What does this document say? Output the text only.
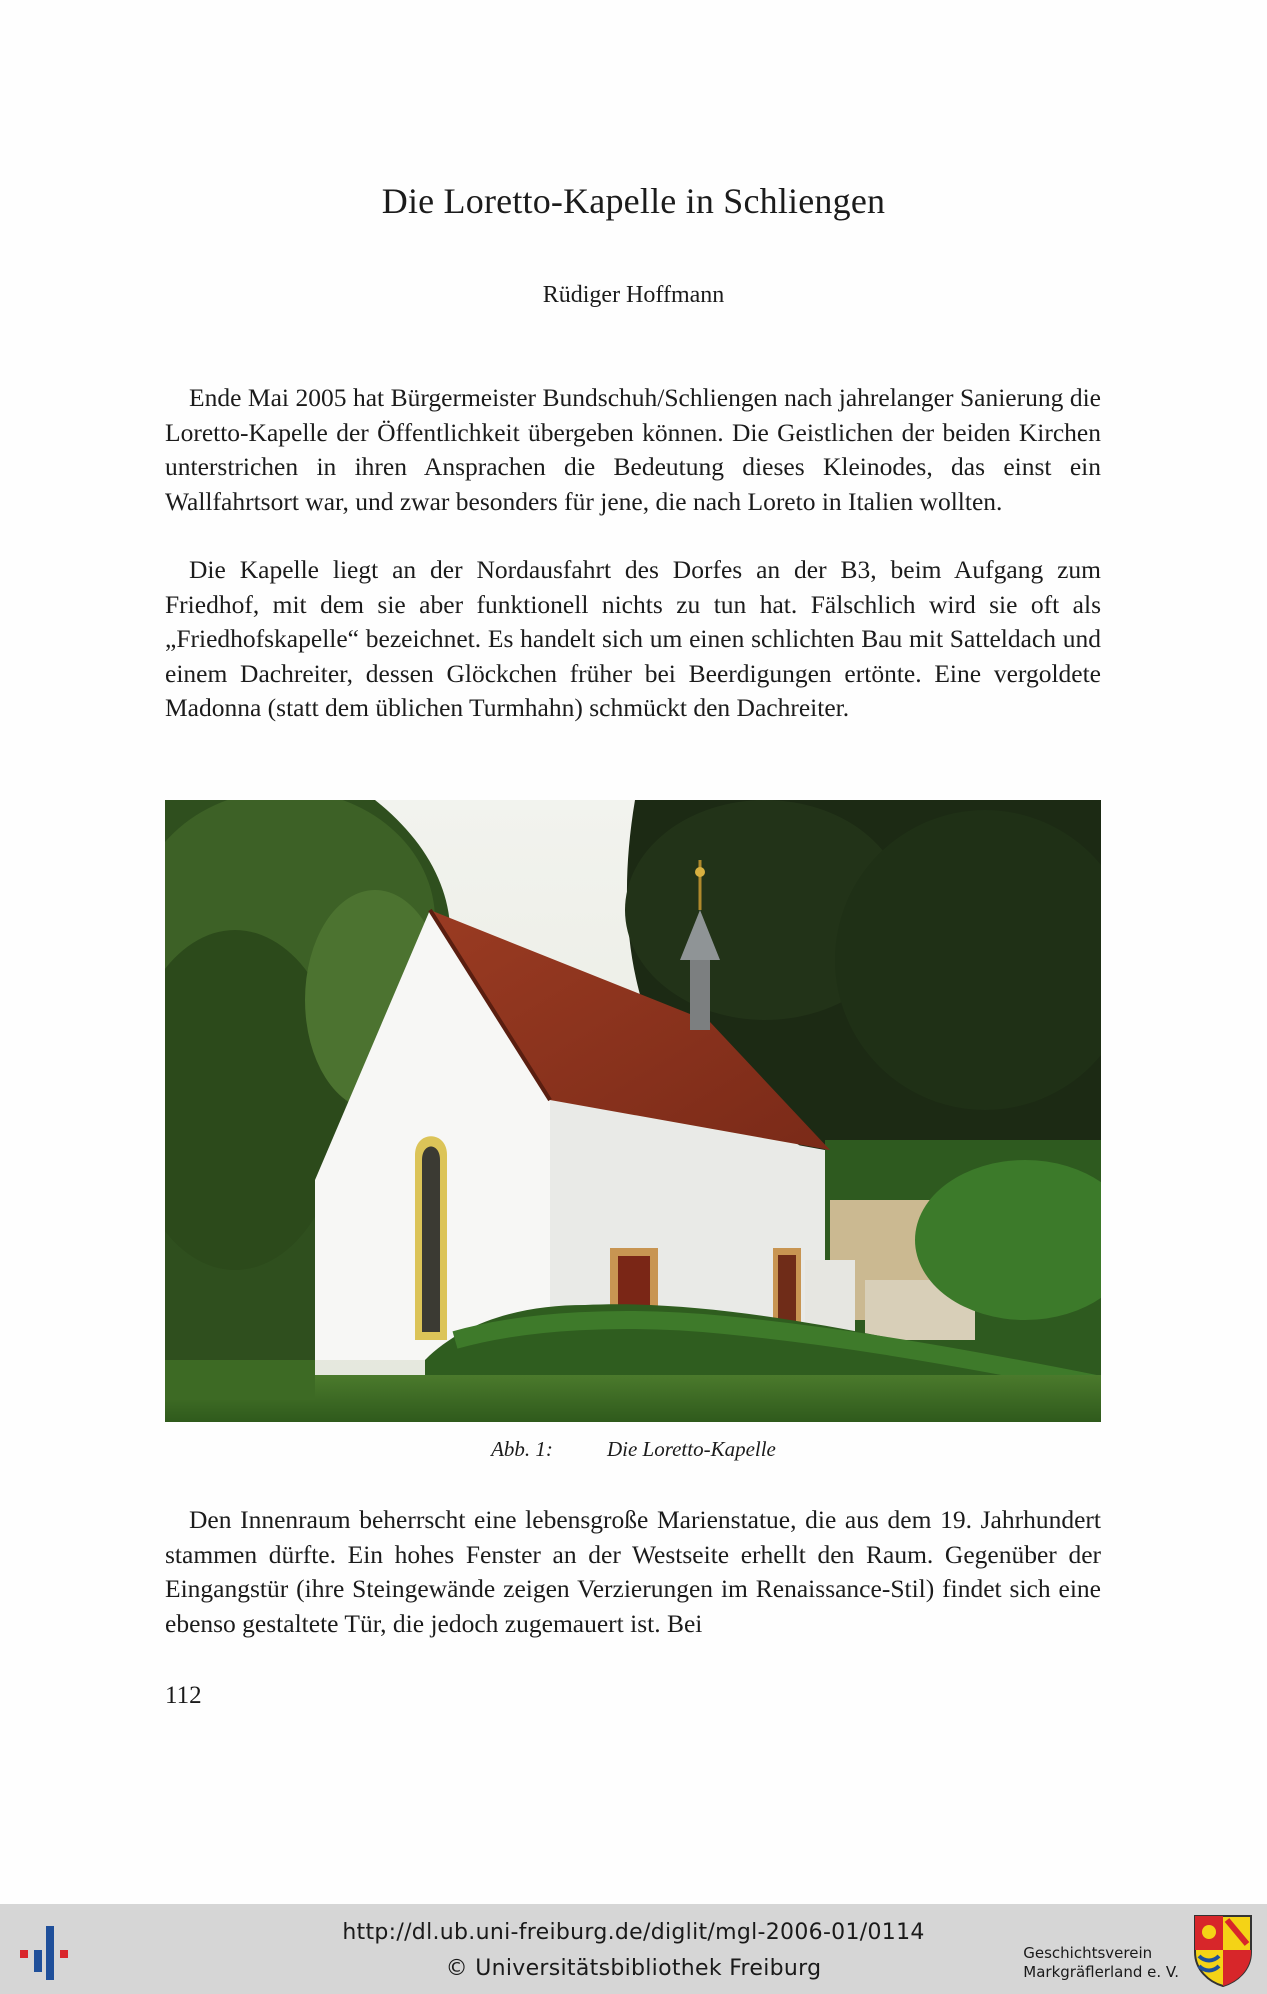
Die Loretto-Kapelle in Schliengen
Rüdiger Hoffmann

Ende Mai 2005 hat Bürgermeister Bundschuh/Schliengen nach jahrelanger Sanierung die Loretto-Kapelle der Öffentlichkeit übergeben können. Die Geistlichen der beiden Kirchen unterstrichen in ihren Ansprachen die Bedeutung dieses Kleinodes, das einst ein Wallfahrtsort war, und zwar besonders für jene, die nach Loreto in Italien wollten.

Die Kapelle liegt an der Nordausfahrt des Dorfes an der B3, beim Aufgang zum Friedhof, mit dem sie aber funktionell nichts zu tun hat. Fälschlich wird sie oft als „Friedhofskapelle“ bezeichnet. Es handelt sich um einen schlichten Bau mit Satteldach und einem Dachreiter, dessen Glöckchen früher bei Beerdigungen ertönte. Eine vergoldete Madonna (statt dem üblichen Turmhahn) schmückt den Dachreiter.

Abb. 1:	Die Loretto-Kapelle

Den Innenraum beherrscht eine lebensgroße Marienstatue, die aus dem 19. Jahrhundert stammen dürfte. Ein hohes Fenster an der Westseite erhellt den Raum. Gegenüber der Eingangstür (ihre Steingewände zeigen Verzierungen im Renaissance-Stil) findet sich eine ebenso gestaltete Tür, die jedoch zugemauert ist. Bei

112
http://dl.ub.uni-freiburg.de/diglit/mgl-2006-01/0114
© Universitätsbibliothek Freiburg
Geschichtsverein
Markgräflerland e. V.
